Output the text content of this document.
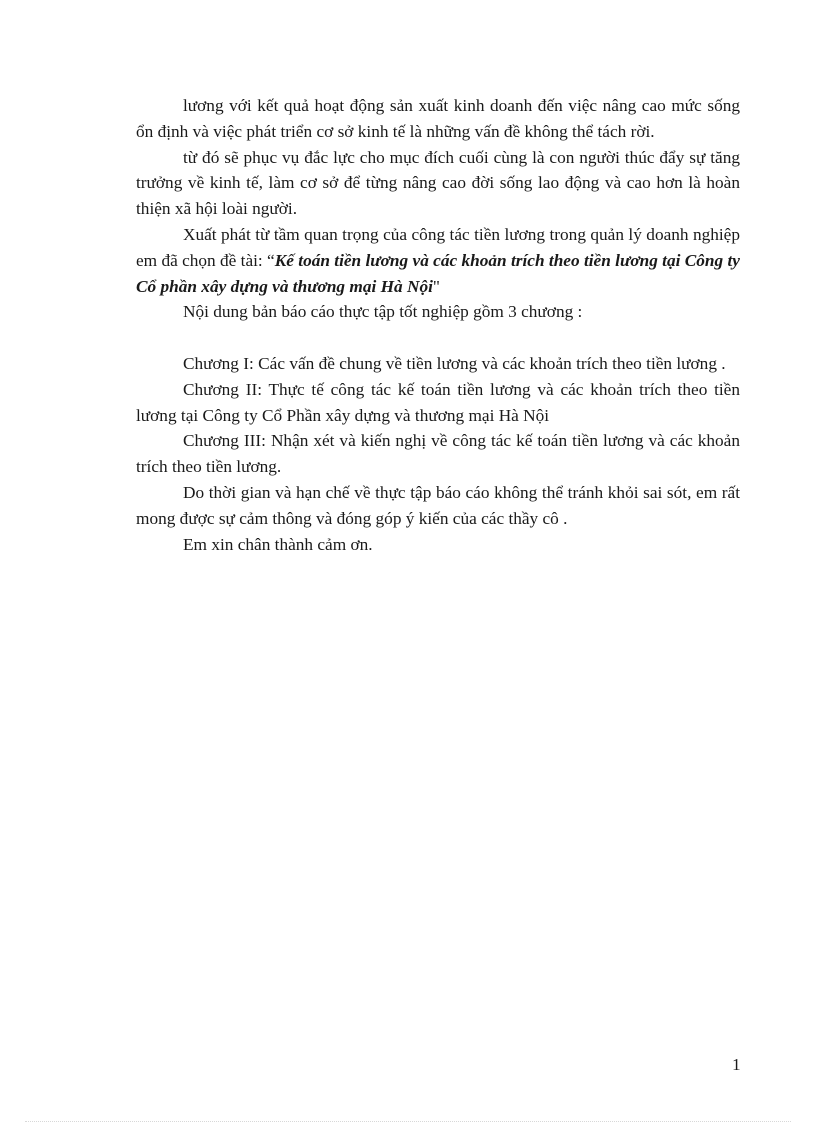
lương với kết quả hoạt động sản xuất kinh doanh đến việc nâng cao mức sống ổn định và việc phát triển cơ sở kinh tế là những vấn đề không thể tách rời.

từ đó sẽ phục vụ đắc lực cho mục đích cuối cùng là con người thúc đẩy sự tăng trưởng về kinh tế, làm cơ sở để từng nâng cao đời sống lao động và cao hơn là hoàn thiện xã hội loài người.

Xuất phát từ tầm quan trọng của công tác tiền lương trong quản lý doanh nghiệp em đã chọn đề tài: “Kế toán tiền lương và các khoản trích theo tiền lương tại Công ty Cổ phần xây dựng và thương mại Hà Nội"

Nội dung bản báo cáo thực tập tốt nghiệp gồm 3 chương :

Chương I: Các vấn đề chung về tiền lương và các khoản trích theo tiền lương .

Chương II: Thực tế công tác kế toán tiền lương và các khoản trích theo tiền lương tại Công ty Cổ Phần xây dựng và thương mại Hà Nội

Chương III: Nhận xét và kiến nghị về công tác kế toán tiền lương và các khoản trích theo tiền lương.

Do thời gian và hạn chế về thực tập báo cáo không thể tránh khỏi sai sót, em rất mong được sự cảm thông và đóng góp ý kiến của các thầy cô .

Em xin chân thành cảm ơn.

1
